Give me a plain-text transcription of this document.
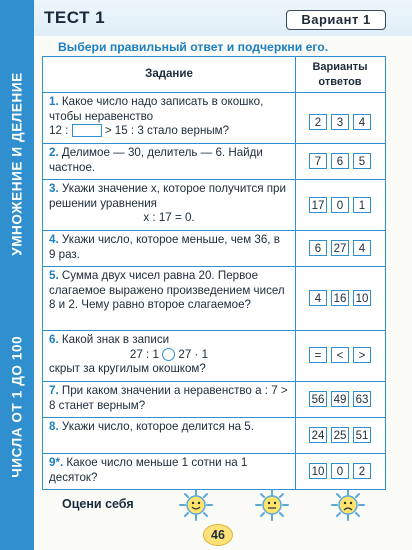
ЧИСЛА ОТ 1 ДО 100
УМНОЖЕНИЕ И ДЕЛЕНИЕ
ТЕСТ 1	Вариант 1
Выбери правильный ответ и подчеркни его.
Задание
Варианты ответов
1. Какое число надо записать в окошко, чтобы неравенство
12 :	> 15 : 3 стало верным?
2	3	4
2. Делимое — 30, делитель — 6. Найди частное.	7	6	5
3. Укажи значение x, которое получится при решении уравнения
x : 17 = 0.
17	0	1
4. Укажи число, которое меньше, чем 36, в 9 раз.	6	27	4
5. Сумма двух чисел равна 20. Первое слагаемое выражено произведением чисел 8 и 2. Чему равно второе слагаемое?	4	16 10
6. Какой знак в записи

27 : 1 27 · 1
скрыт за кругилым окошком?
=	<	>
7. При каком значении a неравенство a : 7 > 8 станет верным?	56 49 63
8. Укажи число, которое делится на 5.
24 25 51
9*. Какое число меньше 1 сотни на 1 десяток?	10	0	2
Оцени себя
46
